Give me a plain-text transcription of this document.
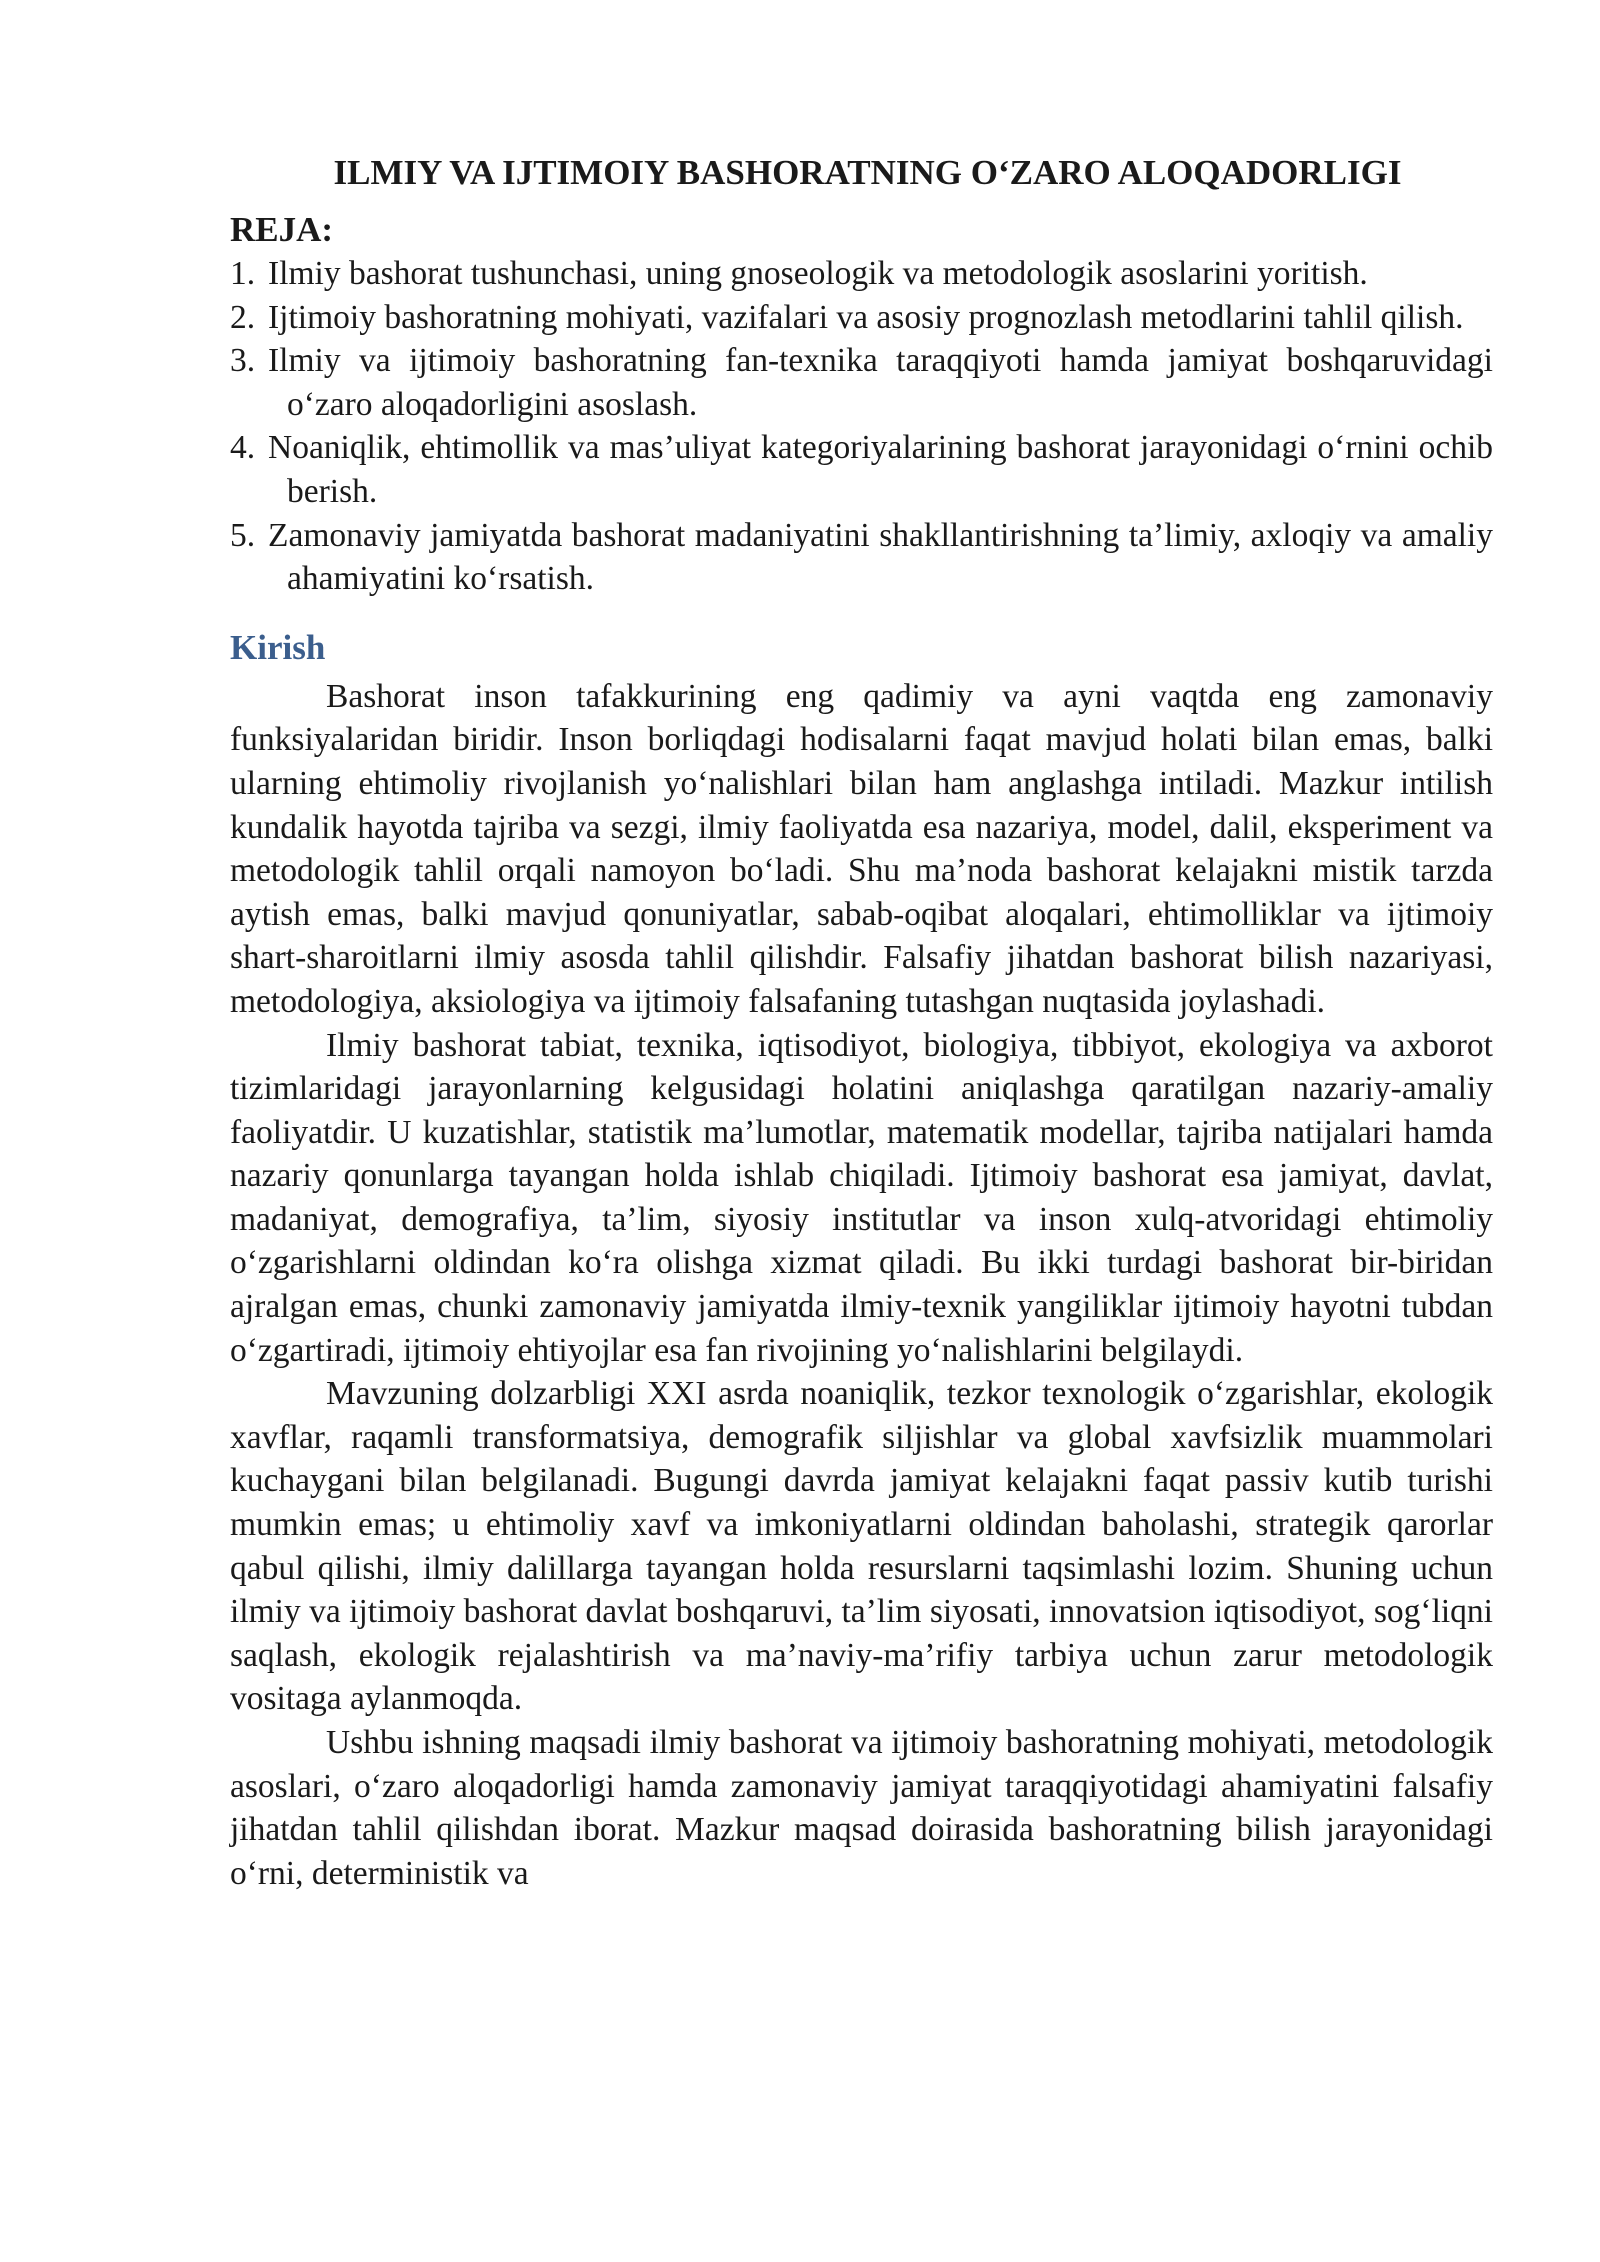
ILMIY VA IJTIMOIY BASHORATNING O‘ZARO ALOQADORLIGI
REJA:
1. Ilmiy bashorat tushunchasi, uning gnoseologik va metodologik asoslarini yoritish.
2. Ijtimoiy bashoratning mohiyati, vazifalari va asosiy prognozlash metodlarini tahlil qilish.
3. Ilmiy va ijtimoiy bashoratning fan-texnika taraqqiyoti hamda jamiyat boshqaruvidagi o‘zaro aloqadorligini asoslash.
4. Noaniqlik, ehtimollik va mas’uliyat kategoriyalarining bashorat jarayonidagi o‘rnini ochib berish.
5. Zamonaviy jamiyatda bashorat madaniyatini shakllantirishning ta’limiy, axloqiy va amaliy ahamiyatini ko‘rsatish.
Kirish

Bashorat inson tafakkurining eng qadimiy va ayni vaqtda eng zamonaviy funksiyalaridan biridir. Inson borliqdagi hodisalarni faqat mavjud holati bilan emas, balki ularning ehtimoliy rivojlanish yo‘nalishlari bilan ham anglashga intiladi. Mazkur intilish kundalik hayotda tajriba va sezgi, ilmiy faoliyatda esa nazariya, model, dalil, eksperiment va metodologik tahlil orqali namoyon bo‘ladi. Shu ma’noda bashorat kelajakni mistik tarzda aytish emas, balki mavjud qonuniyatlar, sabab-oqibat aloqalari, ehtimolliklar va ijtimoiy shart-sharoitlarni ilmiy asosda tahlil qilishdir. Falsafiy jihatdan bashorat bilish nazariyasi, metodologiya, aksiologiya va ijtimoiy falsafaning tutashgan nuqtasida joylashadi.

Ilmiy bashorat tabiat, texnika, iqtisodiyot, biologiya, tibbiyot, ekologiya va axborot tizimlaridagi jarayonlarning kelgusidagi holatini aniqlashga qaratilgan nazariy-amaliy faoliyatdir. U kuzatishlar, statistik ma’lumotlar, matematik modellar, tajriba natijalari hamda nazariy qonunlarga tayangan holda ishlab chiqiladi. Ijtimoiy bashorat esa jamiyat, davlat, madaniyat, demografiya, ta’lim, siyosiy institutlar va inson xulq-atvoridagi ehtimoliy o‘zgarishlarni oldindan ko‘ra olishga xizmat qiladi. Bu ikki turdagi bashorat bir-biridan ajralgan emas, chunki zamonaviy jamiyatda ilmiy-texnik yangiliklar ijtimoiy hayotni tubdan o‘zgartiradi, ijtimoiy ehtiyojlar esa fan rivojining yo‘nalishlarini belgilaydi.

Mavzuning dolzarbligi XXI asrda noaniqlik, tezkor texnologik o‘zgarishlar, ekologik xavflar, raqamli transformatsiya, demografik siljishlar va global xavfsizlik muammolari kuchaygani bilan belgilanadi. Bugungi davrda jamiyat kelajakni faqat passiv kutib turishi mumkin emas; u ehtimoliy xavf va imkoniyatlarni oldindan baholashi, strategik qarorlar qabul qilishi, ilmiy dalillarga tayangan holda resurslarni taqsimlashi lozim. Shuning uchun ilmiy va ijtimoiy bashorat davlat boshqaruvi, ta’lim siyosati, innovatsion iqtisodiyot, sog‘liqni saqlash, ekologik rejalashtirish va ma’naviy-ma’rifiy tarbiya uchun zarur metodologik vositaga aylanmoqda.

Ushbu ishning maqsadi ilmiy bashorat va ijtimoiy bashoratning mohiyati, metodologik asoslari, o‘zaro aloqadorligi hamda zamonaviy jamiyat taraqqiyotidagi ahamiyatini falsafiy jihatdan tahlil qilishdan iborat. Mazkur maqsad doirasida bashoratning bilish jarayonidagi o‘rni, deterministik va
